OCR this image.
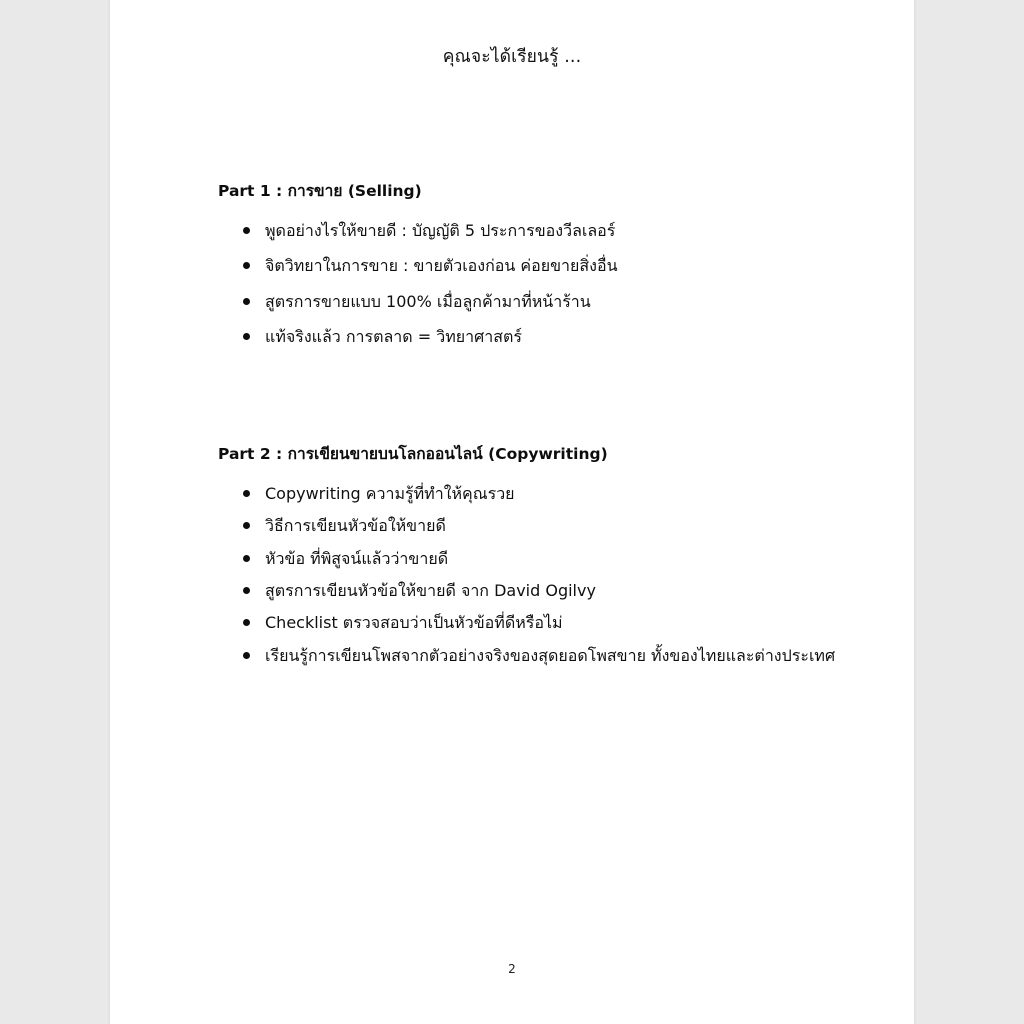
คุณจะได้เรียนรู้ ...
Part 1 : การขาย (Selling)
พูดอย่างไรให้ขายดี : บัญญัติ 5 ประการของวีลเลอร์
จิตวิทยาในการขาย : ขายตัวเองก่อน ค่อยขายสิ่งอื่น
สูตรการขายแบบ 100% เมื่อลูกค้ามาที่หน้าร้าน
แท้จริงแล้ว การตลาด = วิทยาศาสตร์
Part 2 : การเขียนขายบนโลกออนไลน์ (Copywriting)
Copywriting ความรู้ที่ทำให้คุณรวย
วิธีการเขียนหัวข้อให้ขายดี
หัวข้อ ที่พิสูจน์แล้วว่าขายดี
สูตรการเขียนหัวข้อให้ขายดี จาก David Ogilvy
Checklist ตรวจสอบว่าเป็นหัวข้อที่ดีหรือไม่
เรียนรู้การเขียนโพสจากตัวอย่างจริงของสุดยอดโพสขาย ทั้งของไทยและต่างประเทศ
2
